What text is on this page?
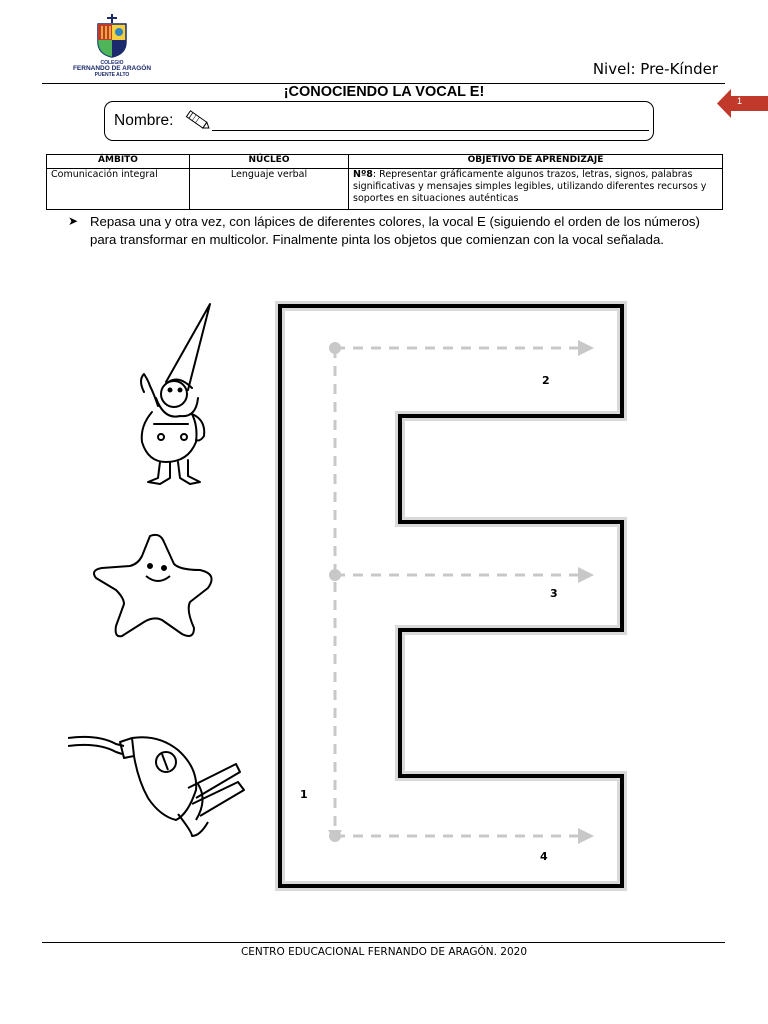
COLEGIO
FERNANDO DE ARAGÓN
PUENTE ALTO	Nivel: Pre-Kínder
1
¡CONOCIENDO LA VOCAL E!
Nombre:
ÁMBITO	NÚCLEO	OBJETIVO DE APRENDIZAJE
Comunicación integral	Lenguaje verbal	Nº8: Representar gráficamente algunos trazos, letras, signos, palabras significativas y mensajes simples legibles, utilizando diferentes recursos y soportes en situaciones auténticas
➤ Repasa una y otra vez, con lápices de diferentes colores, la vocal E (siguiendo el orden de los números) para transformar en multicolor. Finalmente pinta los objetos que comienzan con la vocal señalada.
1
2
3
4
CENTRO EDUCACIONAL FERNANDO DE ARAGÓN. 2020
